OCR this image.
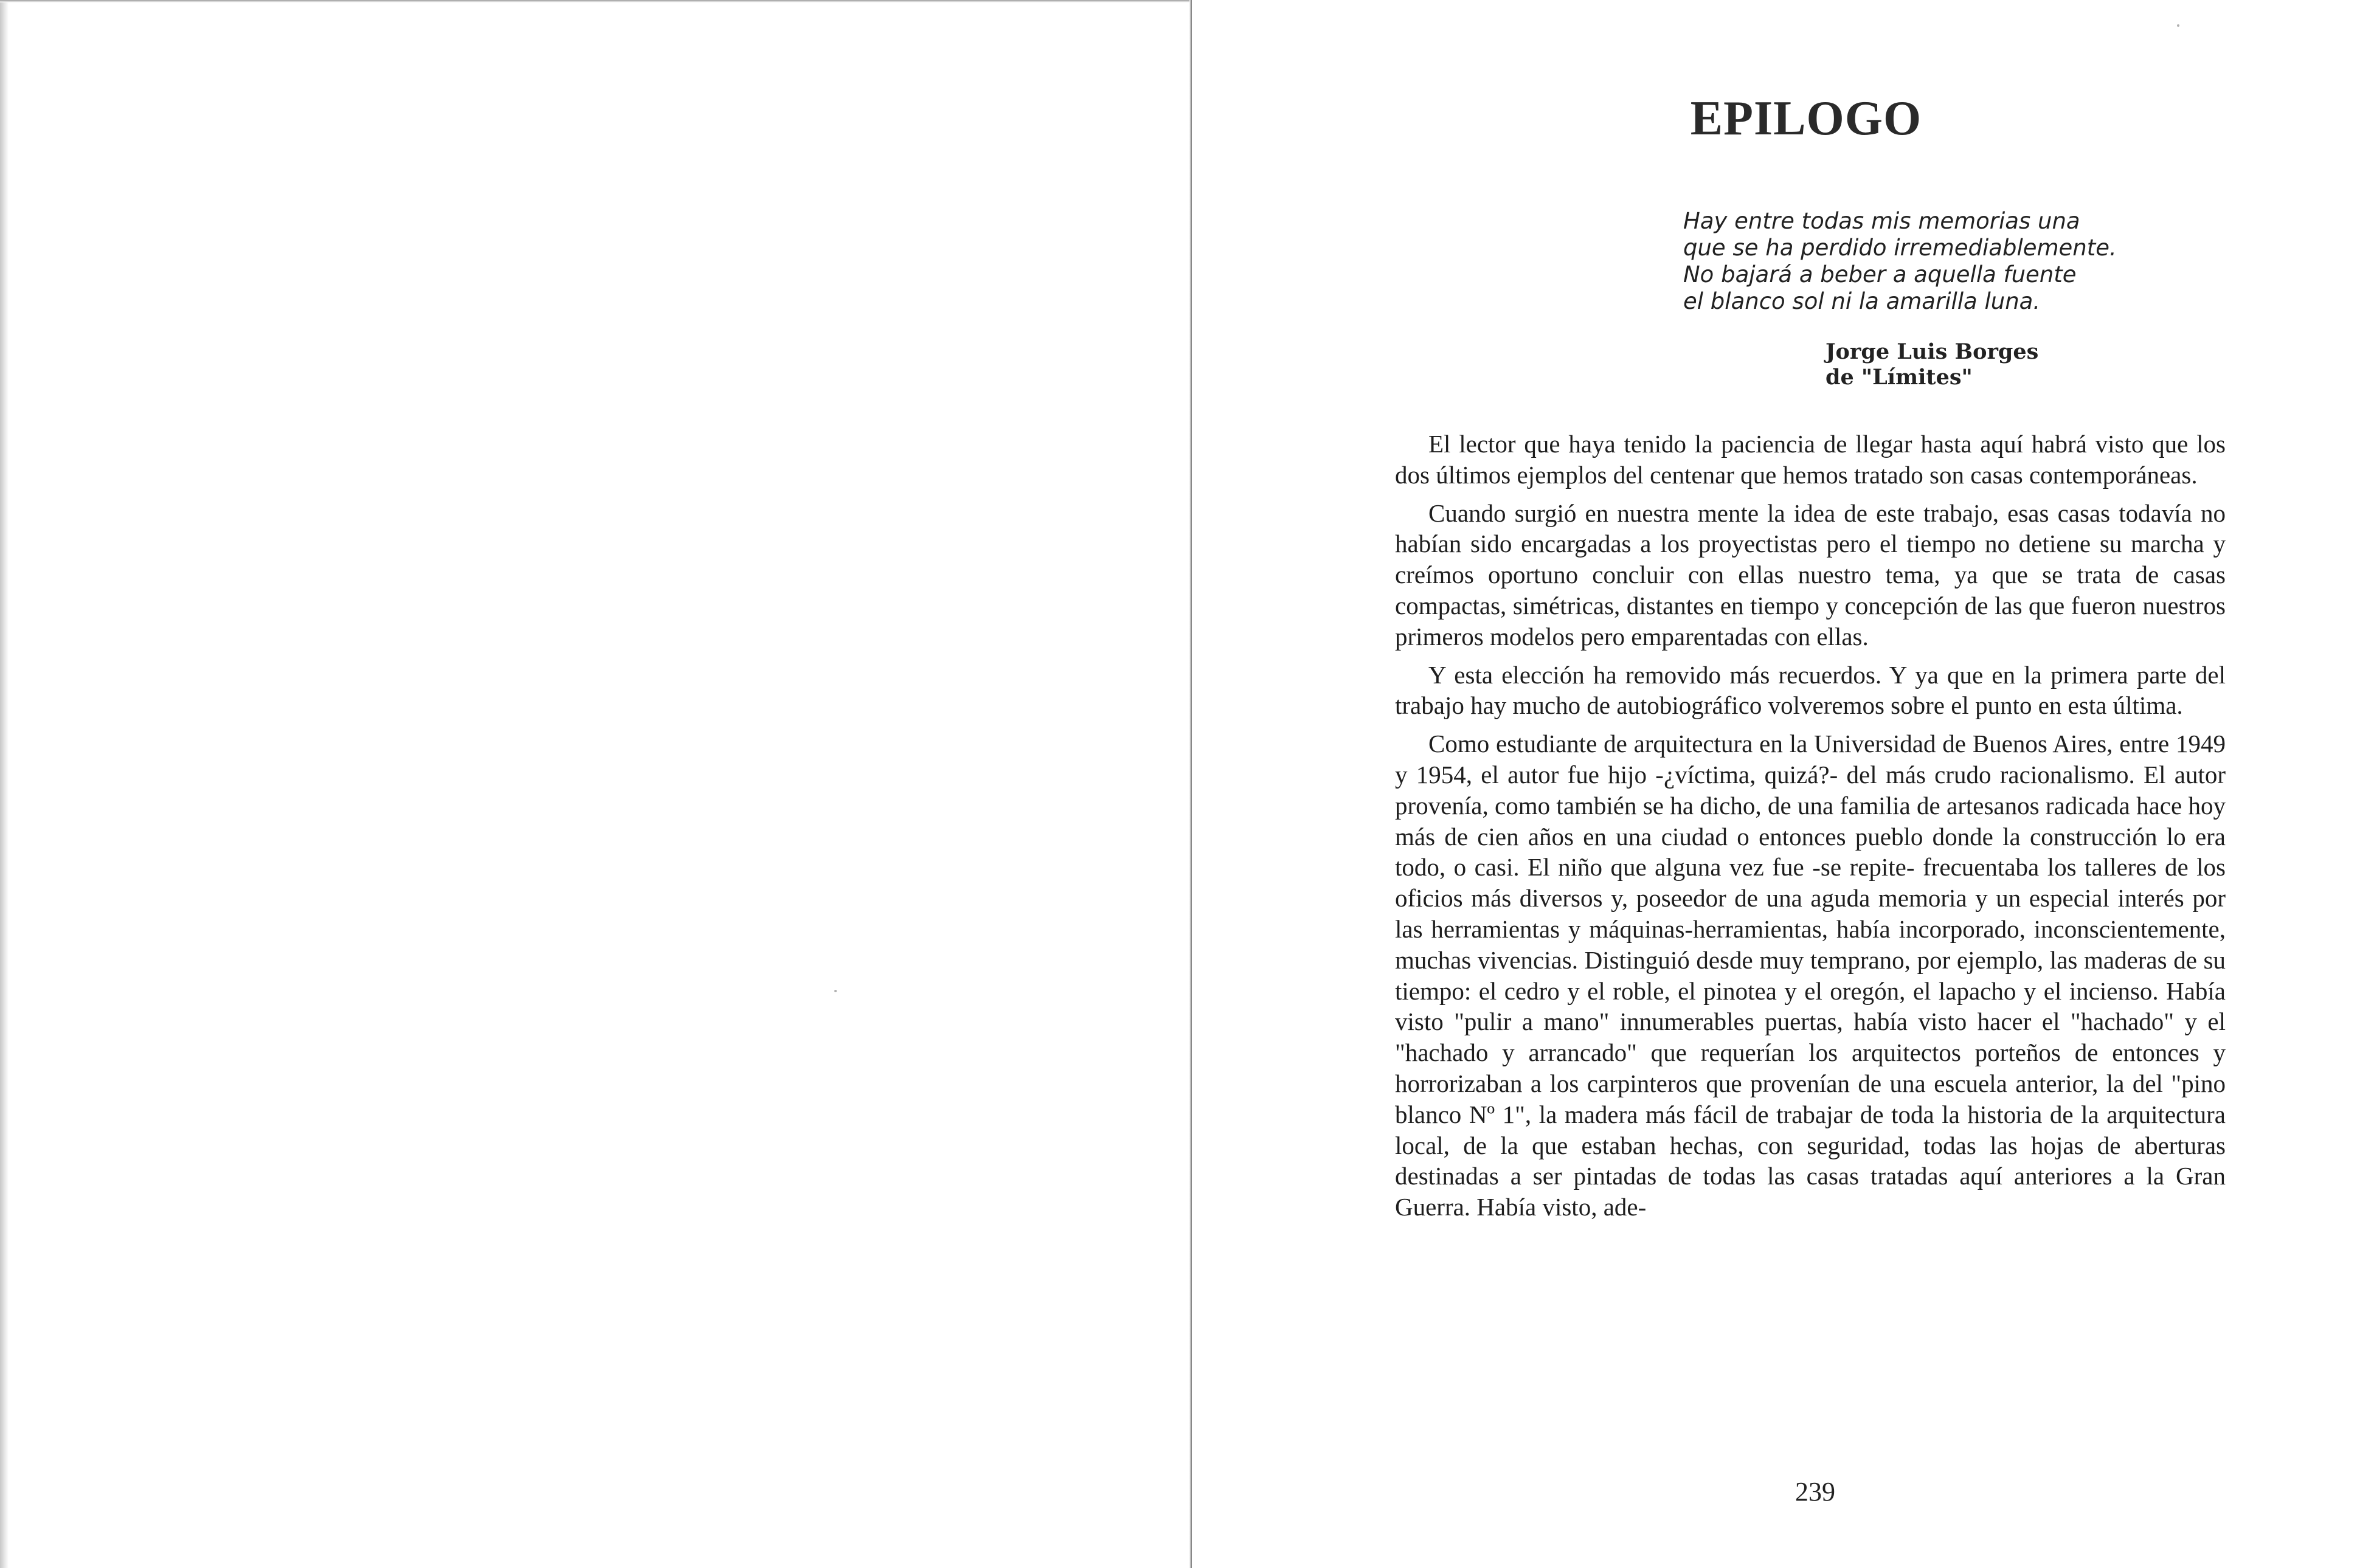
EPILOGO
Hay entre todas mis memorias una
que se ha perdido irremediablemente.
No bajará a beber a aquella fuente
el blanco sol ni la amarilla luna.
Jorge Luis Borges
de "Límites"

El lector que haya tenido la paciencia de llegar hasta aquí habrá visto que los dos últimos ejemplos del centenar que hemos tratado son casas contemporáneas.

Cuando surgió en nuestra mente la idea de este trabajo, esas casas todavía no habían sido encargadas a los proyectistas pero el tiempo no detiene su marcha y creímos oportuno concluir con ellas nuestro tema, ya que se trata de casas compactas, simétricas, distantes en tiempo y concepción de las que fueron nuestros primeros modelos pero emparentadas con ellas.

Y esta elección ha removido más recuerdos. Y ya que en la primera parte del trabajo hay mucho de autobiográfico volveremos sobre el punto en esta última.

Como estudiante de arquitectura en la Universidad de Buenos Aires, entre 1949 y 1954, el autor fue hijo -¿víctima, quizá?- del más crudo racionalismo. El autor provenía, como también se ha dicho, de una familia de artesanos radicada hace hoy más de cien años en una ciudad o entonces pueblo donde la construcción lo era todo, o casi. El niño que alguna vez fue -se repite- frecuentaba los talleres de los oficios más diversos y, poseedor de una aguda memoria y un especial interés por las herramientas y máquinas-herramientas, había incorporado, inconscientemente, muchas vivencias. Distinguió desde muy temprano, por ejemplo, las maderas de su tiempo: el cedro y el roble, el pinotea y el oregón, el lapacho y el incienso. Había visto "pulir a mano" innumerables puertas, había visto hacer el "hachado" y el "hachado y arrancado" que requerían los arquitectos porteños de entonces y horrorizaban a los carpinteros que provenían de una escuela anterior, la del "pino blanco Nº 1", la madera más fácil de trabajar de toda la historia de la arquitectura local, de la que estaban hechas, con seguridad, todas las hojas de aberturas destinadas a ser pintadas de todas las casas tratadas aquí anteriores a la Gran Guerra. Había visto, ade-

239
